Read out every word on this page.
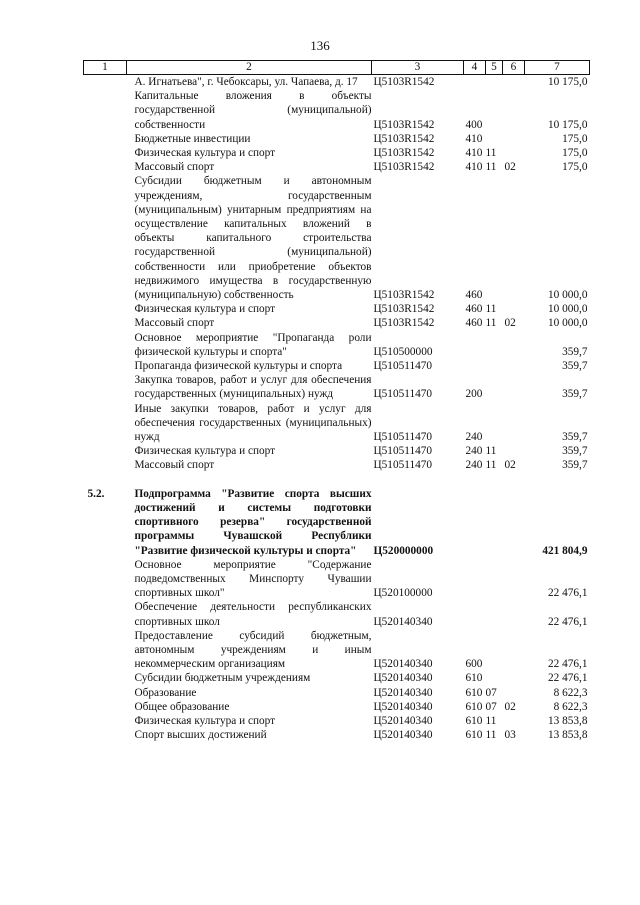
136
1	2	3	4	5	6	7
	А. Игнатьева", г. Чебоксары, ул. Чапаева, д. 17	Ц5103R1542				10 175,0
	Капитальные вложения в объекты государственной (муниципальной) собственности	Ц5103R1542	400			10 175,0
	Бюджетные инвестиции	Ц5103R1542	410			175,0
	Физическая культура и спорт	Ц5103R1542	410	11		175,0
	Массовый спорт	Ц5103R1542	410	11	02	175,0
	Субсидии бюджетным и автономным учреждениям, государственным (муниципальным) унитарным предприятиям на осуществление капитальных вложений в объекты капитального строительства государственной (муниципальной) собственности или приобретение объектов недвижимого имущества в государственную (муниципальную) собственность	Ц5103R1542	460			10 000,0
	Физическая культура и спорт	Ц5103R1542	460	11		10 000,0
	Массовый спорт	Ц5103R1542	460	11	02	10 000,0
	Основное мероприятие "Пропаганда роли физической культуры и спорта"	Ц510500000				359,7
	Пропаганда физической культуры и спорта	Ц510511470				359,7
	Закупка товаров, работ и услуг для обеспечения государственных (муниципальных) нужд	Ц510511470	200			359,7
	Иные закупки товаров, работ и услуг для обеспечения государственных (муниципальных) нужд	Ц510511470	240			359,7
	Физическая культура и спорт	Ц510511470	240	11		359,7
	Массовый спорт	Ц510511470	240	11	02	359,7

5.2.	Подпрограмма "Развитие спорта высших достижений и системы подготовки спортивного резерва" государственной программы Чувашской Республики "Развитие физической культуры и спорта"	Ц520000000				421 804,9
	Основное мероприятие "Содержание подведомственных Минспорту Чувашии спортивных школ"	Ц520100000				22 476,1
	Обеспечение деятельности республиканских спортивных школ	Ц520140340				22 476,1
	Предоставление субсидий бюджетным, автономным учреждениям и иным некоммерческим организациям	Ц520140340	600			22 476,1
	Субсидии бюджетным учреждениям	Ц520140340	610			22 476,1
	Образование	Ц520140340	610	07		8 622,3
	Общее образование	Ц520140340	610	07	02	8 622,3
	Физическая культура и спорт	Ц520140340	610	11		13 853,8
	Спорт высших достижений	Ц520140340	610	11	03	13 853,8
